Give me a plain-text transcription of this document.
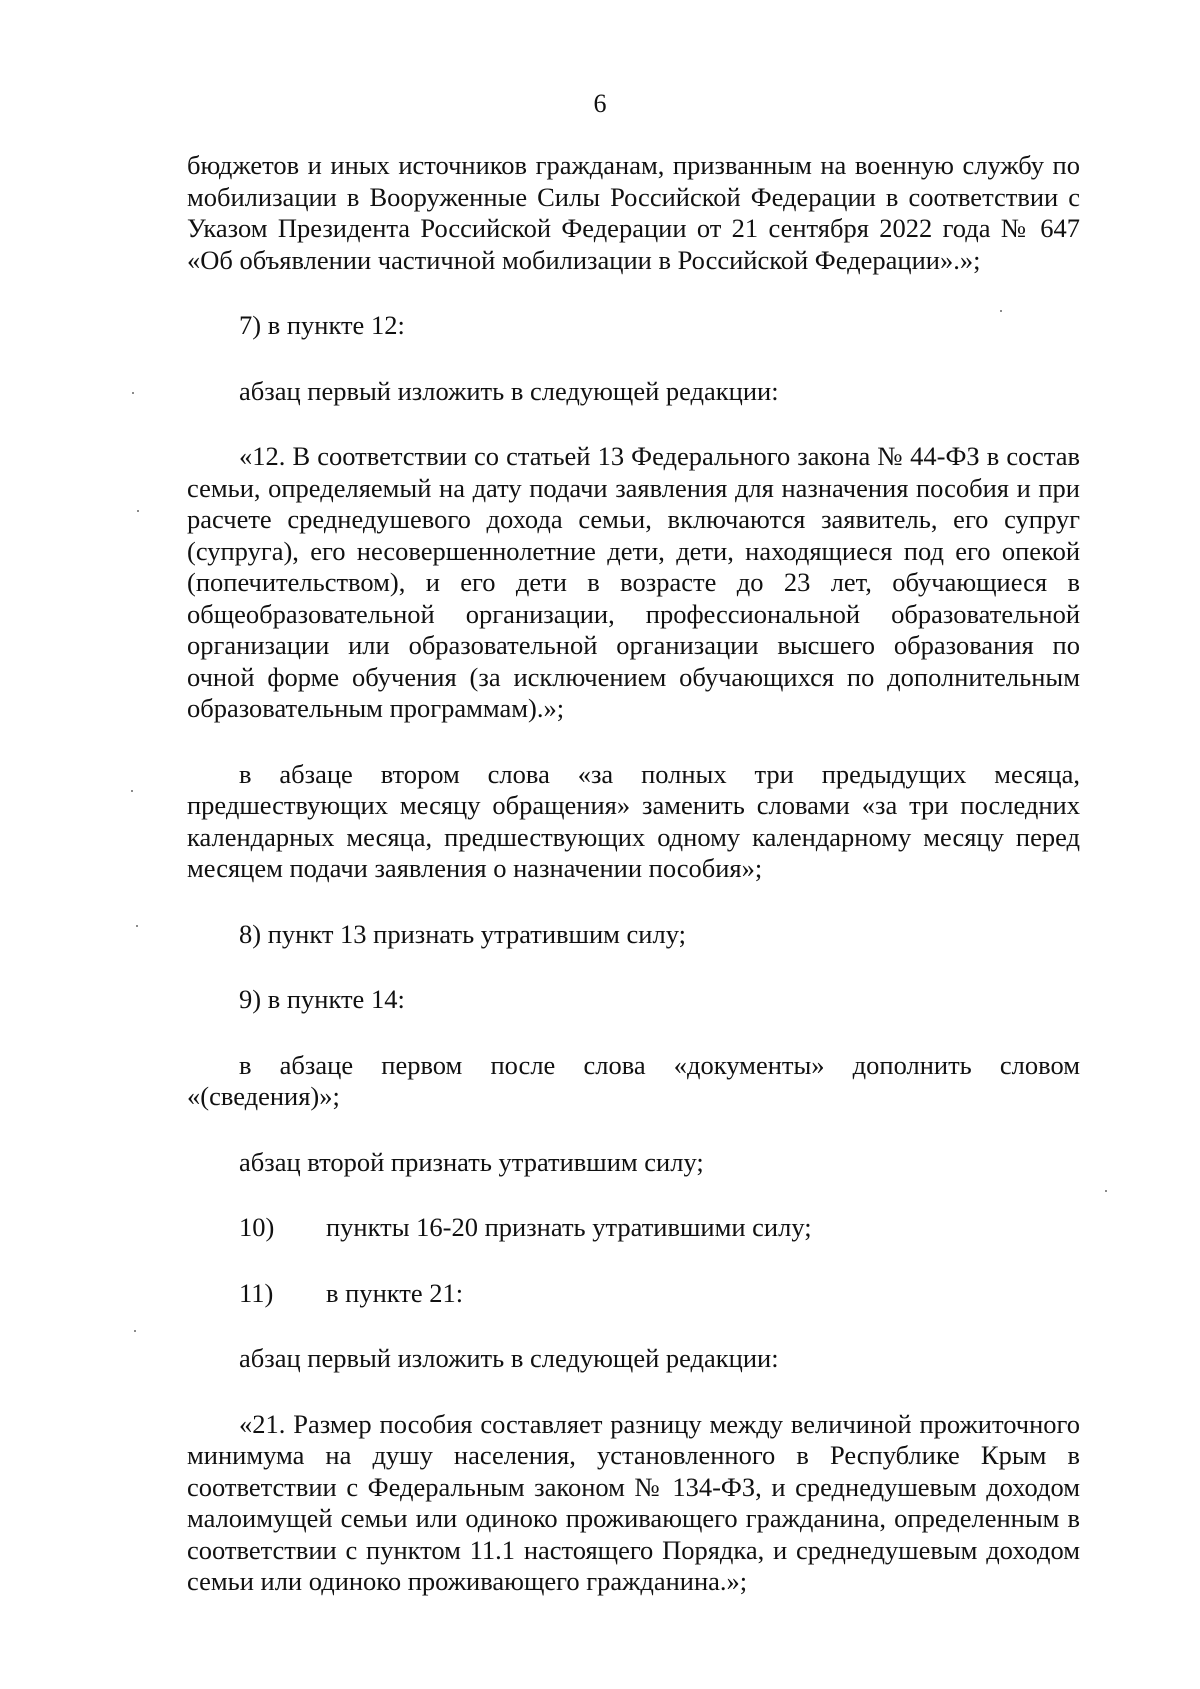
6

бюджетов и иных источников гражданам, призванным на военную службу по мобилизации в Вооруженные Силы Российской Федерации в соответствии с Указом Президента Российской Федерации от 21 сентября 2022 года № 647 «Об объявлении частичной мобилизации в Российской Федерации».»;

7) в пункте 12:

абзац первый изложить в следующей редакции:

«12. В соответствии со статьей 13 Федерального закона № 44-ФЗ в состав семьи, определяемый на дату подачи заявления для назначения пособия и при расчете среднедушевого дохода семьи, включаются заявитель, его супруг (супруга), его несовершеннолетние дети, дети, находящиеся под его опекой (попечительством), и его дети в возрасте до 23 лет, обучающиеся в общеобразовательной организации, профессиональной образовательной организации или образовательной организации высшего образования по очной форме обучения (за исключением обучающихся по дополнительным образовательным программам).»;

в абзаце втором слова «за полных три предыдущих месяца, предшествующих месяцу обращения» заменить словами «за три последних календарных месяца, предшествующих одному календарному месяцу перед месяцем подачи заявления о назначении пособия»;

8) пункт 13 признать утратившим силу;

9) в пункте 14:

в абзаце первом после слова «документы» дополнить словом «(сведения)»;

абзац второй признать утратившим силу;

10)	пункты 16-20 признать утратившими силу;
11)	в пункте 21:

абзац первый изложить в следующей редакции:

«21. Размер пособия составляет разницу между величиной прожиточного минимума на душу населения, установленного в Республике Крым в соответствии с Федеральным законом № 134-ФЗ, и среднедушевым доходом малоимущей семьи или одиноко проживающего гражданина, определенным в соответствии с пунктом 11.1 настоящего Порядка, и среднедушевым доходом семьи или одиноко проживающего гражданина.»;
